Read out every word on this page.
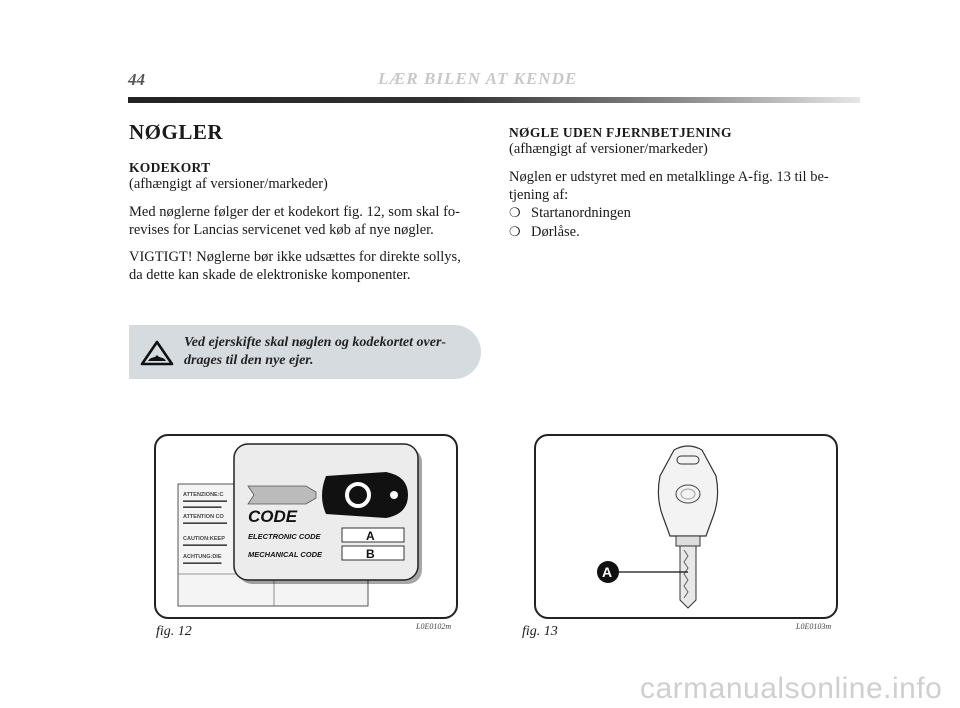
44	LÆR BILEN AT KENDE
NØGLER
KODEKORT
(afhængigt af versioner/markeder)
Med nøglerne følger der et kodekort fig. 12, som skal fo-
revises for Lancias servicenet ved køb af nye nøgler.
VIGTIGT! Nøglerne bør ikke udsættes for direkte sollys,
da dette kan skade de elektroniske komponenter.
Ved ejerskifte skal nøglen og kodekortet over-
drages til den nye ejer.
NØGLE UDEN FJERNBETJENING
(afhængigt af versioner/markeder)
Nøglen er udstyret med en metalklinge A-fig. 13 til be-
tjening af:
❍ Startanordningen
❍ Dørlåse.
ATTENZIONE:C
▬▬▬▬▬▬▬▬
▬▬▬▬▬▬▬
ATTENTION CO
▬▬▬▬▬▬▬▬
CAUTION:KEEP
▬▬▬▬▬▬▬▬
ACHTUNG:DIE
▬▬▬▬▬▬▬
CODE
ELECTRONIC CODE	A
MECHANICAL CODE	B
fig. 12	L0E0102m
A
fig. 13	L0E0103m
carmanualsonline.info
